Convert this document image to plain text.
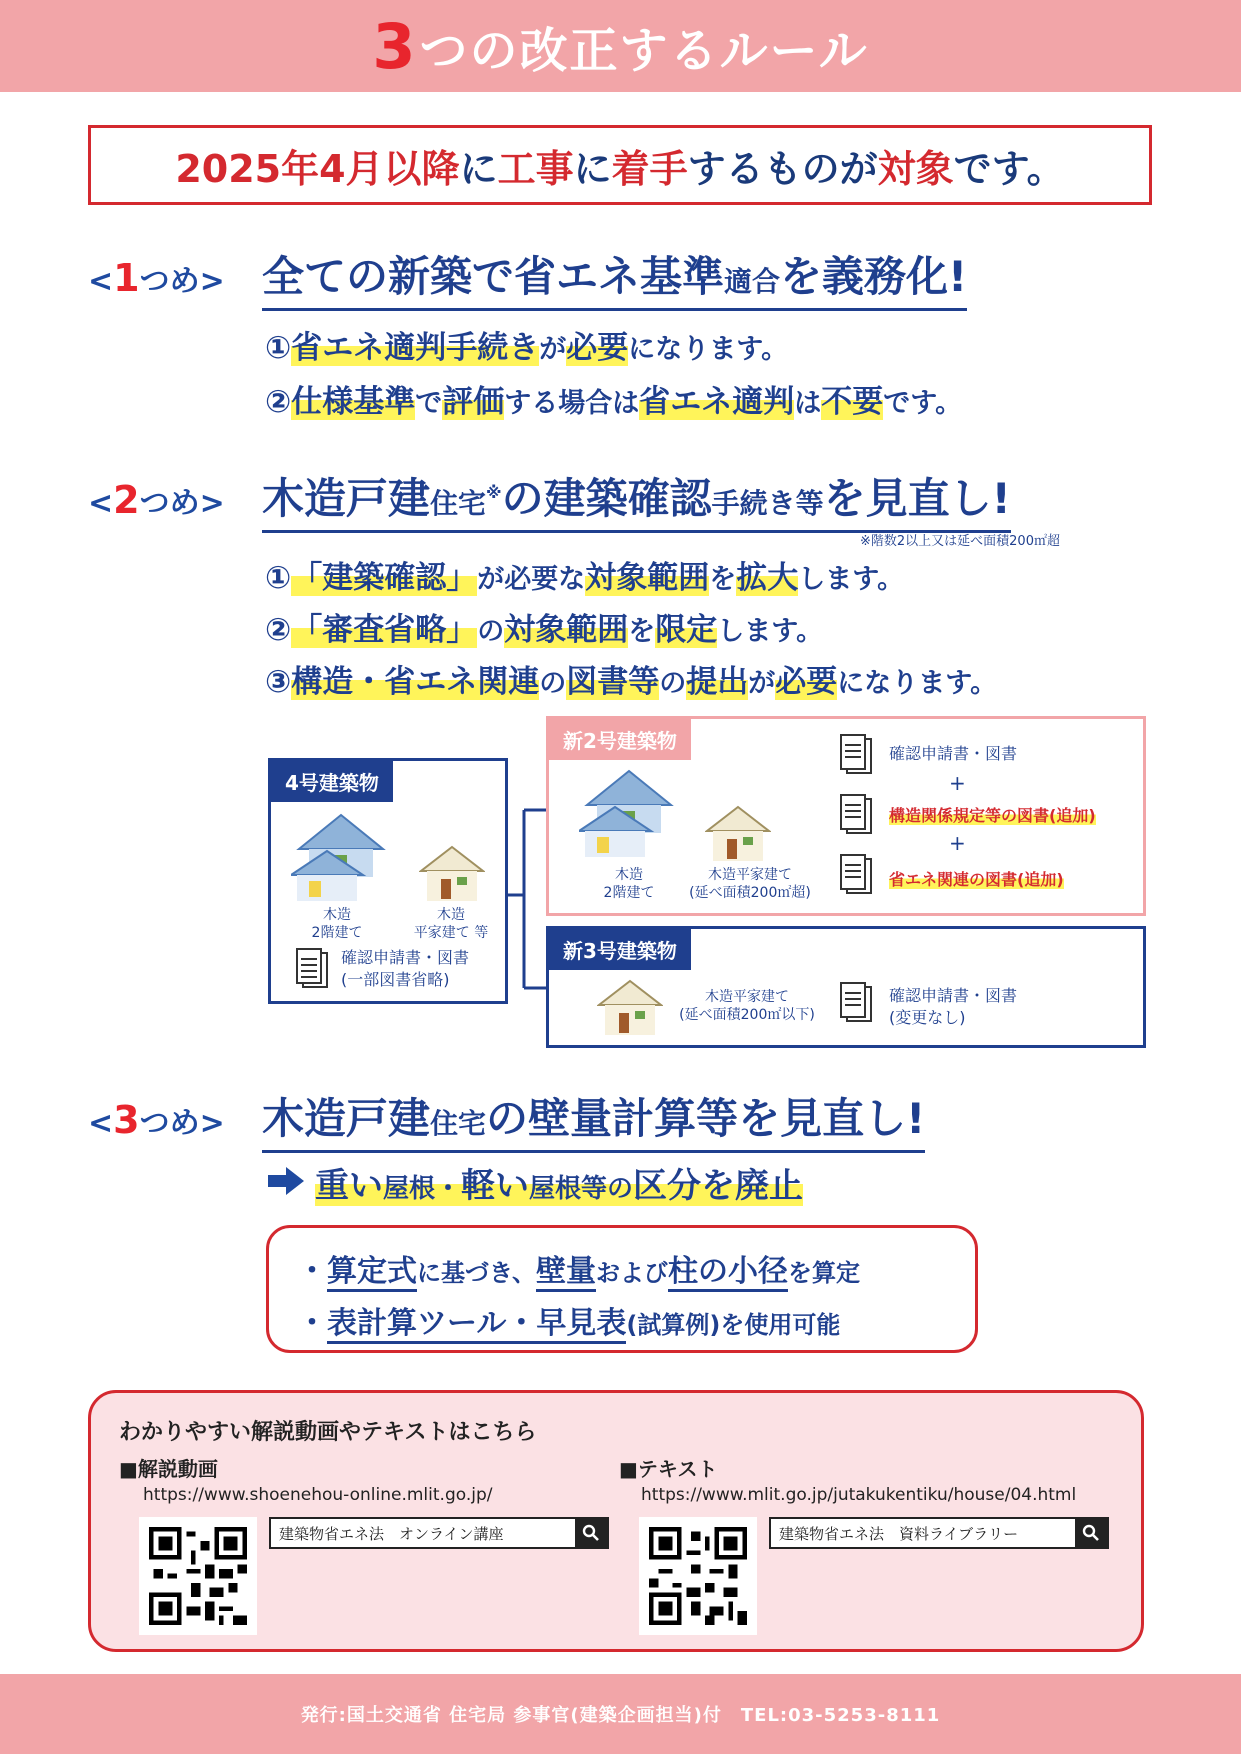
3 つの改正するルール
2025年4月以降 に 工事 に 着手 するものが 対象 です。
<1つめ> 全ての新築で省エネ基準適合を義務化!
①省エネ適判手続きが必要になります。
②仕様基準で評価する場合は省エネ適判は不要です。
<2つめ> 木造戸建住宅※の建築確認手続き等を見直し!
※階数2以上又は延べ面積200㎡超
①「建築確認」が必要な対象範囲を拡大します。
②「審査省略」の対象範囲を限定します。
③構造・省エネ関連の図書等の提出が必要になります。
4号建築物
木造
2階建て
木造
平家建て 等
確認申請書・図書
(一部図書省略)
新2号建築物
木造
2階建て
木造平家建て
(延べ面積200㎡超)
確認申請書・図書
+
構造関係規定等の図書(追加)
+
省エネ関連の図書(追加)
新3号建築物
木造平家建て
(延べ面積200㎡以下)
確認申請書・図書
(変更なし)
<3つめ> 木造戸建住宅の壁量計算等を見直し!
重い屋根・軽い屋根等の区分を廃止
・算定式に基づき、壁量および柱の小径を算定
・表計算ツール・早見表(試算例)を使用可能
わかりやすい解説動画やテキストはこちら
■解説動画
https://www.shoenehou-online.mlit.go.jp/
建築物省エネ法　オンライン講座
■テキスト
https://www.mlit.go.jp/jutakukentiku/house/04.html
建築物省エネ法　資料ライブラリー
発行:国土交通省 住宅局 参事官(建築企画担当)付　TEL:03-5253-8111
